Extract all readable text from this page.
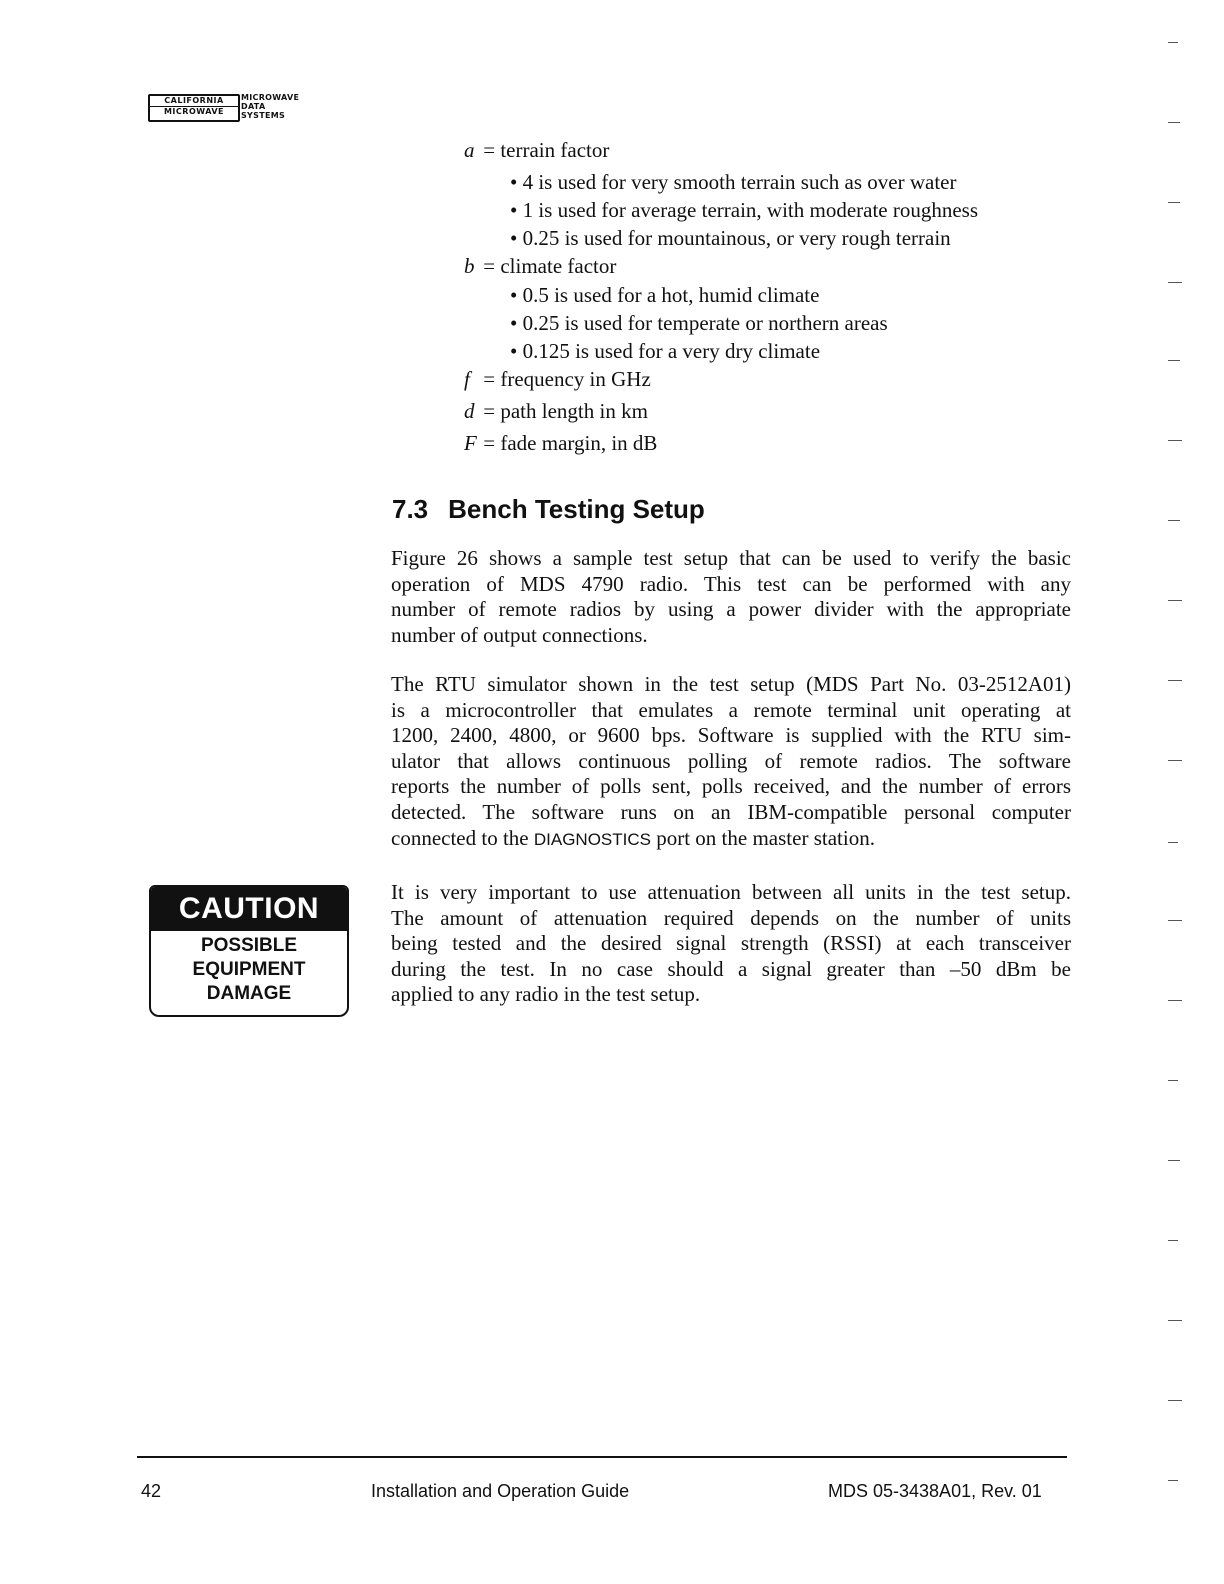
CALIFORNIA
MICROWAVE
MICROWAVE
DATA
SYSTEMS
a = terrain factor
• 4 is used for very smooth terrain such as over water
• 1 is used for average terrain, with moderate roughness
• 0.25 is used for mountainous, or very rough terrain
b = climate factor
• 0.5 is used for a hot, humid climate
• 0.25 is used for temperate or northern areas
• 0.125 is used for a very dry climate
f = frequency in GHz
d = path length in km
F = fade margin, in dB
7.3 Bench Testing Setup
Figure 26 shows a sample test setup that can be used to verify the basic
operation of MDS 4790 radio. This test can be performed with any
number of remote radios by using a power divider with the appropriate
number of output connections.
The RTU simulator shown in the test setup (MDS Part No. 03-2512A01)
is a microcontroller that emulates a remote terminal unit operating at
1200, 2400, 4800, or 9600 bps. Software is supplied with the RTU sim-
ulator that allows continuous polling of remote radios. The software
reports the number of polls sent, polls received, and the number of errors
detected. The software runs on an IBM-compatible personal computer
connected to the DIAGNOSTICS port on the master station.
CAUTION
POSSIBLE
EQUIPMENT
DAMAGE
It is very important to use attenuation between all units in the test setup.
The amount of attenuation required depends on the number of units
being tested and the desired signal strength (RSSI) at each transceiver
during the test. In no case should a signal greater than –50 dBm be
applied to any radio in the test setup.
42	Installation and Operation Guide	MDS 05-3438A01, Rev. 01
